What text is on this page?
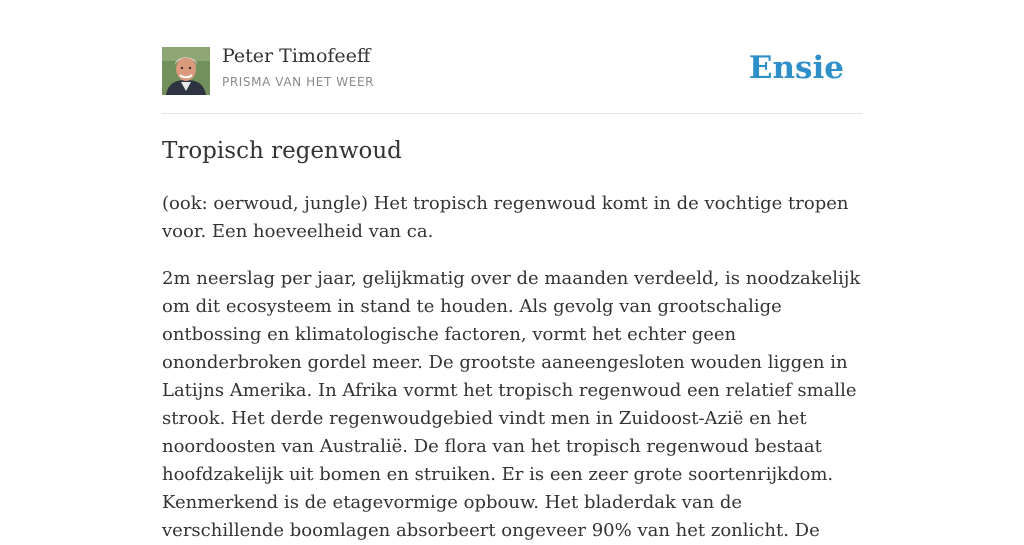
Peter Timofeeff
PRISMA VAN HET WEER	Ensie
Tropisch regenwoud

(ook: oerwoud, jungle) Het tropisch regenwoud komt in de vochtige tropen voor. Een hoeveelheid van ca.

2m neerslag per jaar, gelijkmatig over de maanden verdeeld, is noodzakelijk om dit ecosysteem in stand te houden. Als gevolg van grootschalige ontbossing en klimatologische factoren, vormt het echter geen ononderbroken gordel meer. De grootste aaneengesloten wouden liggen in Latijns Amerika. In Afrika vormt het tropisch regenwoud een relatief smalle strook. Het derde regenwoudgebied vindt men in Zuidoost-Azië en het noordoosten van Australië. De flora van het tropisch regenwoud bestaat hoofdzakelijk uit bomen en struiken. Er is een zeer grote soortenrijkdom. Kenmerkend is de etagevormige opbouw. Het bladerdak van de verschillende boomlagen absorbeert ongeveer 90% van het zonlicht. De
